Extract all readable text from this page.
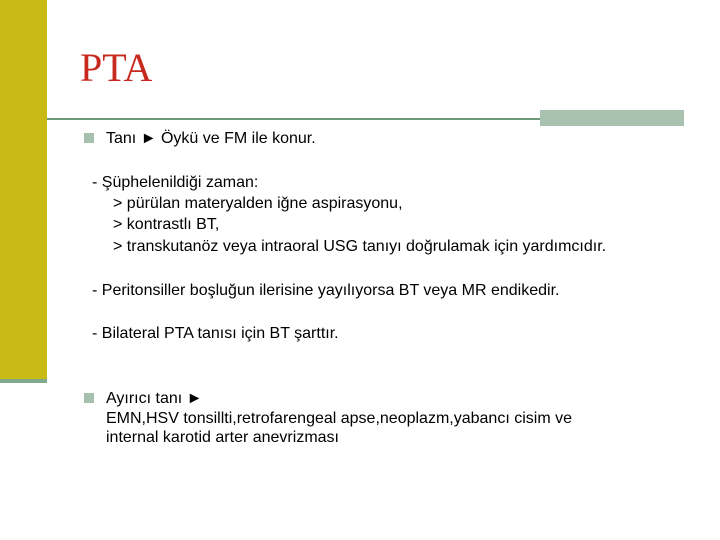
PTA
Tanı ► Öykü ve FM ile konur.
- Şüphelenildiği zaman:
> pürülan materyalden iğne aspirasyonu,
> kontrastlı BT,
> transkutanöz veya intraoral USG tanıyı doğrulamak için yardımcıdır.
- Peritonsiller boşluğun ilerisine yayılıyorsa BT veya MR endikedir.
- Bilateral PTA tanısı için BT şarttır.
Ayırıcı tanı ►
EMN,HSV tonsillti,retrofarengeal apse,neoplazm,yabancı cisim ve
internal karotid arter anevrizması
